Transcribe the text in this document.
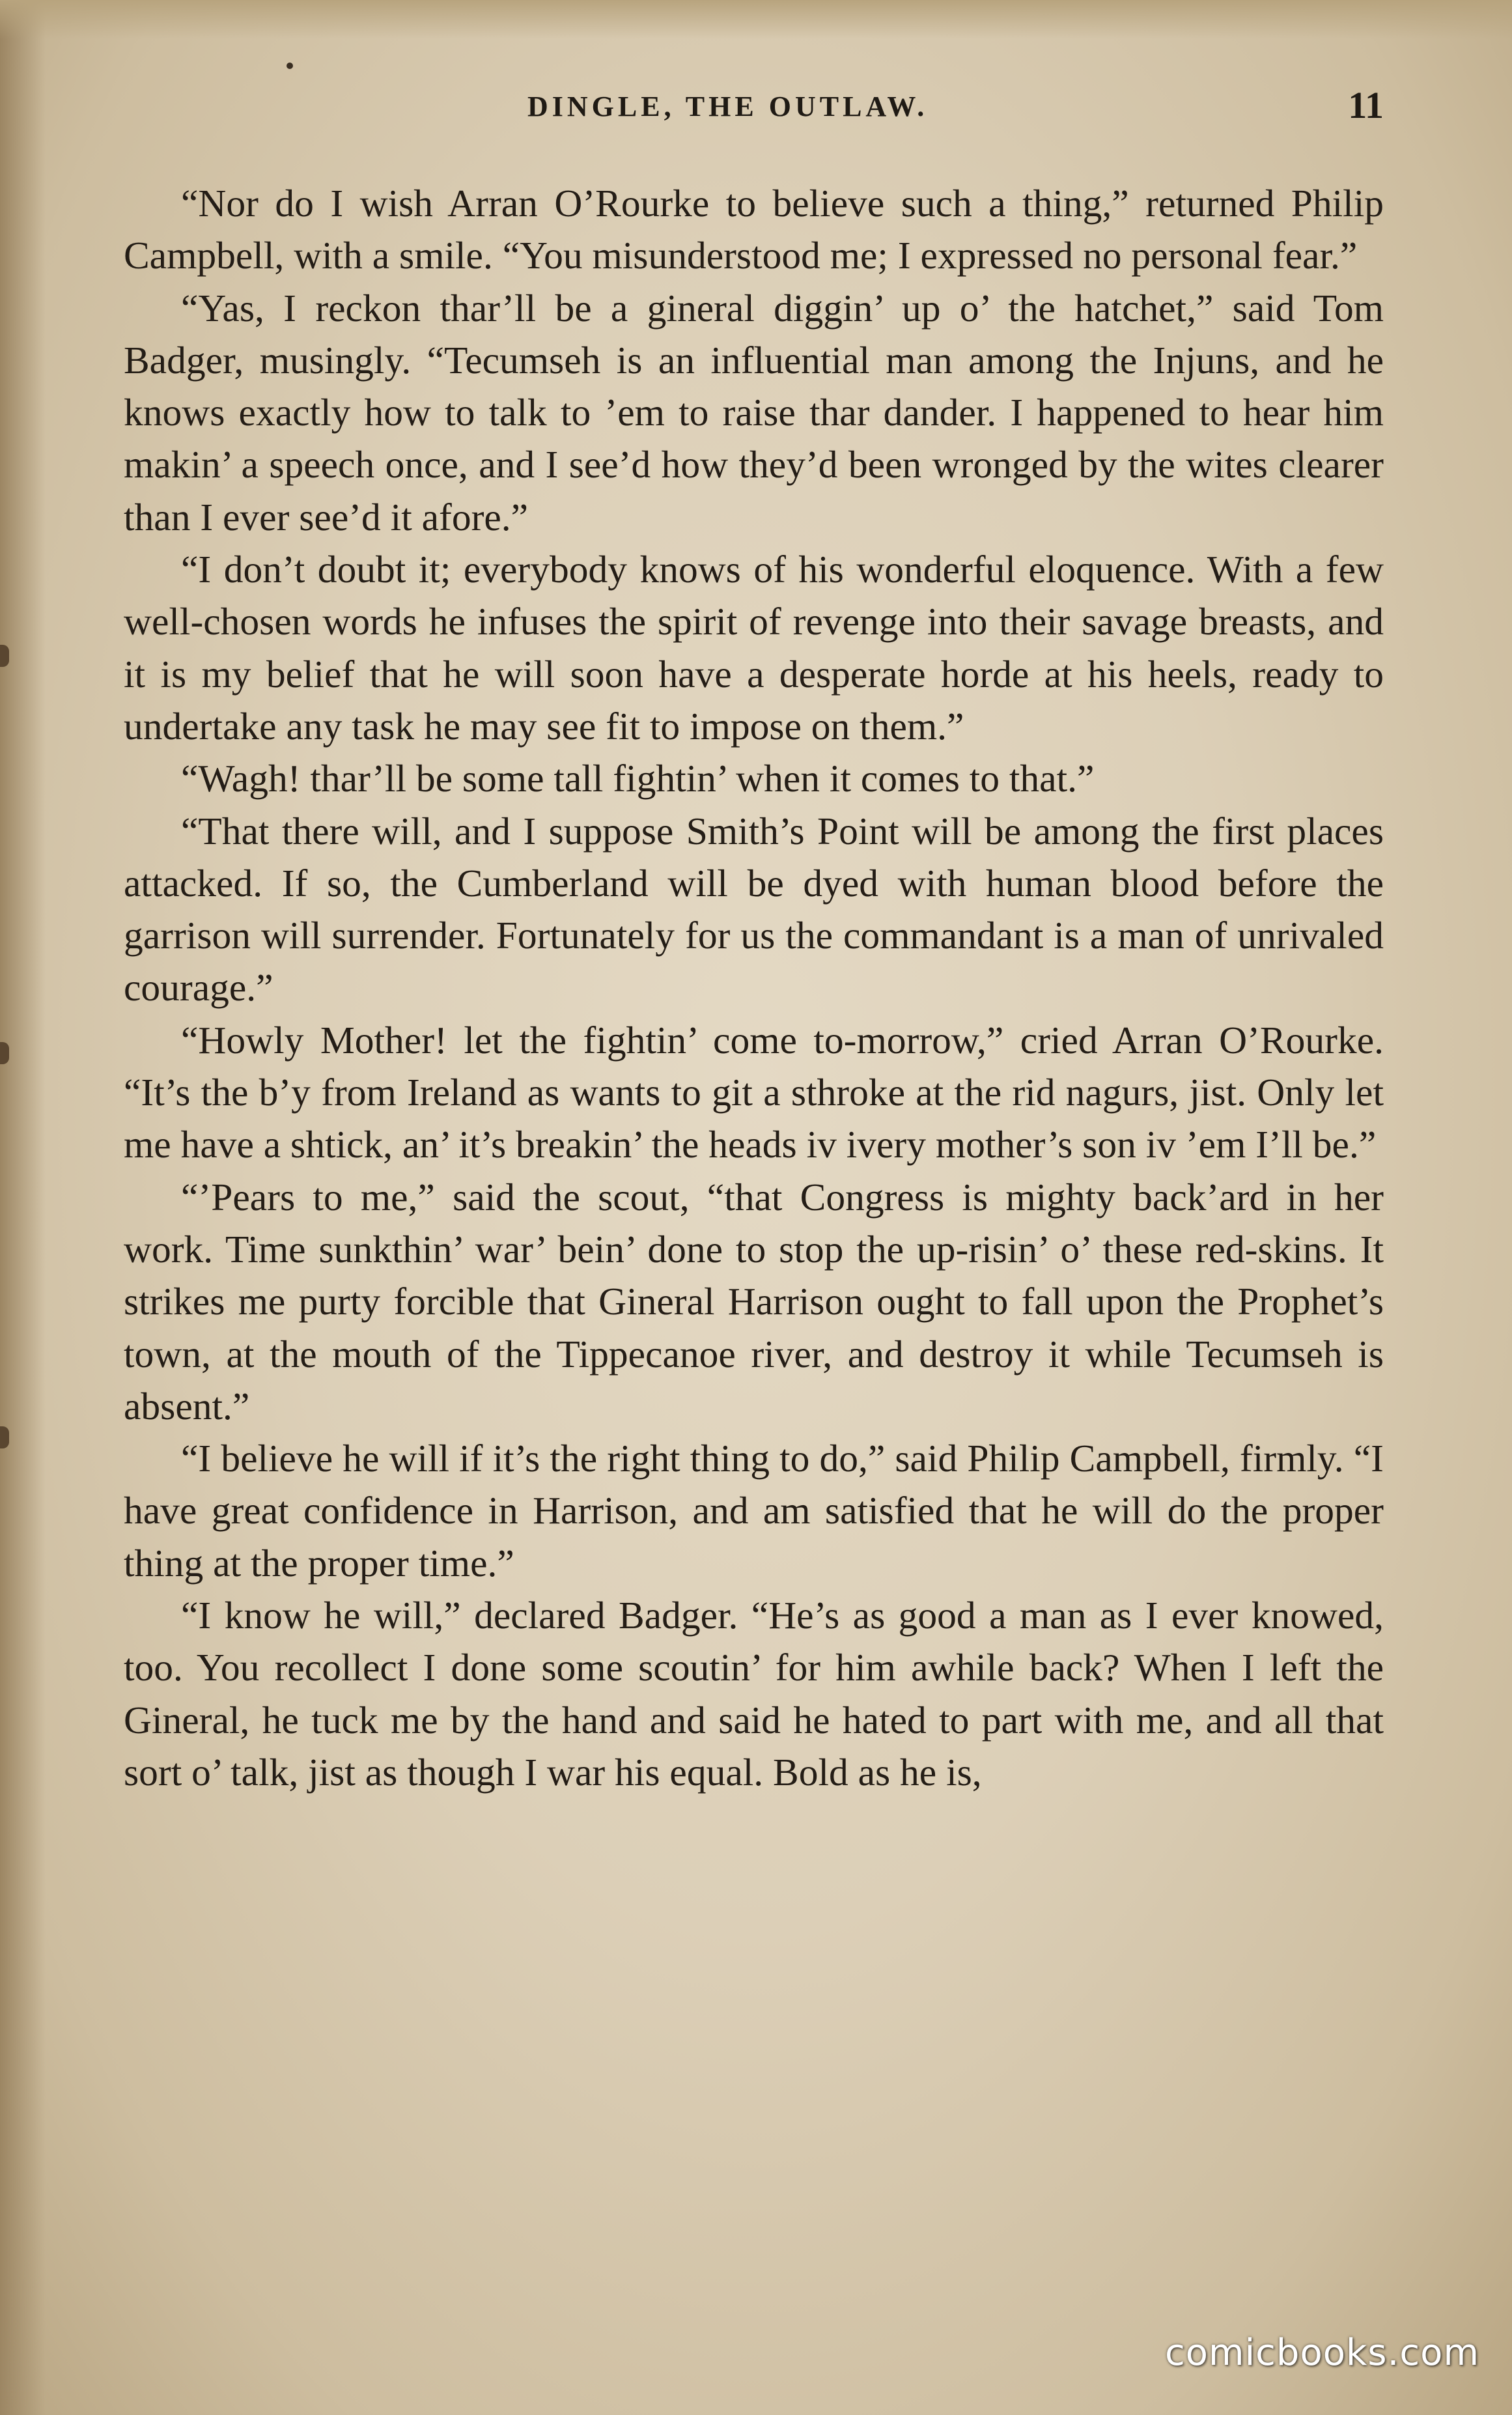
DINGLE, THE OUTLAW.	11

“Nor do I wish Arran O’Rourke to believe such a thing,” returned Philip Campbell, with a smile. “You misunderstood me; I expressed no personal fear.”

“Yas, I reckon thar’ll be a gineral diggin’ up o’ the hatchet,” said Tom Badger, musingly. “Tecumseh is an influential man among the Injuns, and he knows exactly how to talk to ’em to raise thar dander. I happened to hear him makin’ a speech once, and I see’d how they’d been wronged by the wites clearer than I ever see’d it afore.”

“I don’t doubt it; everybody knows of his wonderful eloquence. With a few well-chosen words he infuses the spirit of revenge into their savage breasts, and it is my belief that he will soon have a desperate horde at his heels, ready to undertake any task he may see fit to impose on them.”

“Wagh! thar’ll be some tall fightin’ when it comes to that.”

“That there will, and I suppose Smith’s Point will be among the first places attacked. If so, the Cumberland will be dyed with human blood before the garrison will surrender. Fortunately for us the commandant is a man of unrivaled courage.”

“Howly Mother! let the fightin’ come to-morrow,” cried Arran O’Rourke. “It’s the b’y from Ireland as wants to git a sthroke at the rid nagurs, jist. Only let me have a shtick, an’ it’s breakin’ the heads iv ivery mother’s son iv ’em I’ll be.”

“’Pears to me,” said the scout, “that Congress is mighty back’ard in her work. Time sunkthin’ war’ bein’ done to stop the up-risin’ o’ these red-skins. It strikes me purty forcible that Gineral Harrison ought to fall upon the Prophet’s town, at the mouth of the Tippecanoe river, and destroy it while Tecumseh is absent.”

“I believe he will if it’s the right thing to do,” said Philip Campbell, firmly. “I have great confidence in Harrison, and am satisfied that he will do the proper thing at the proper time.”

“I know he will,” declared Badger. “He’s as good a man as I ever knowed, too. You recollect I done some scoutin’ for him awhile back? When I left the Gineral, he tuck me by the hand and said he hated to part with me, and all that sort o’ talk, jist as though I war his equal. Bold as he is,

comicbooks.com
